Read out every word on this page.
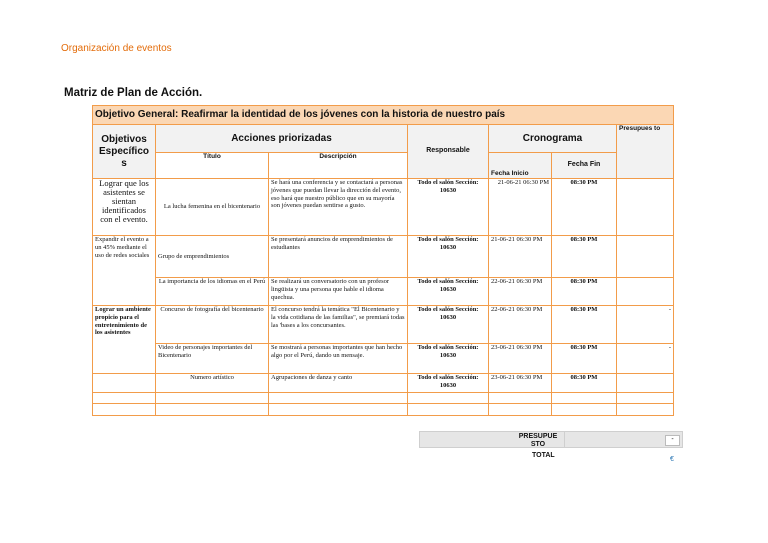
Organización de eventos
Matriz de Plan de Acción.
Objetivo General: Reafirmar la identidad de los jóvenes con la historia de nuestro país						
Objetivos Específico s	Acciones priorizadas		Responsable	Cronograma		Presupues to
	Título	Descripción		Fecha Inicio	Fecha Fin	
Lograr que los asistentes se sientan identificados con el evento.	La lucha femenina en el bicentenario	Se hará una conferencia y se contactará a personas jóvenes que puedan llevar la dirección del evento, eso hará que nuestro público que en su mayoría son jóvenes puedan sentirse a gusto.	Todo el salón Sección: 10630	21-06-21 06:30 PM	08:30 PM	
Expandir el evento a un 45% mediante el uso de redes sociales	Grupo de emprendimientos	Se presentará anuncios de emprendimientos de estudiantes	Todo el salón Sección: 10630	21-06-21 06:30 PM	08:30 PM	
	La importancia de los idiomas en el Perú	Se realizará un conversatorio con un profesor lingüista y una persona que hable el idioma quechua.	Todo el salón Sección: 10630	22-06-21 06:30 PM	08:30 PM	
Lograr un ambiente propicio para el entretenimiento de los asistentes	Concurso de fotografía del bicentenario	El concurso tendrá la temática "El Bicentenario y la vida cotidiana de las familias", se premiará todas las 'bases a los concursantes.	Todo el salón Sección: 10630	22-06-21 06:30 PM	08:30 PM	-
	Video de personajes importantes del Bicentenario	Se mostrará a personas importantes que han hecho algo por el Perú, dando un mensaje.	Todo el salón Sección: 10630	23-06-21 06:30 PM	08:30 PM	-
	Numero artístico	Agrupaciones de danza y canto	Todo el salón Sección: 10630	23-06-21 06:30 PM	08:30 PM	

PRESUPUE STO
-
TOTAL
€
